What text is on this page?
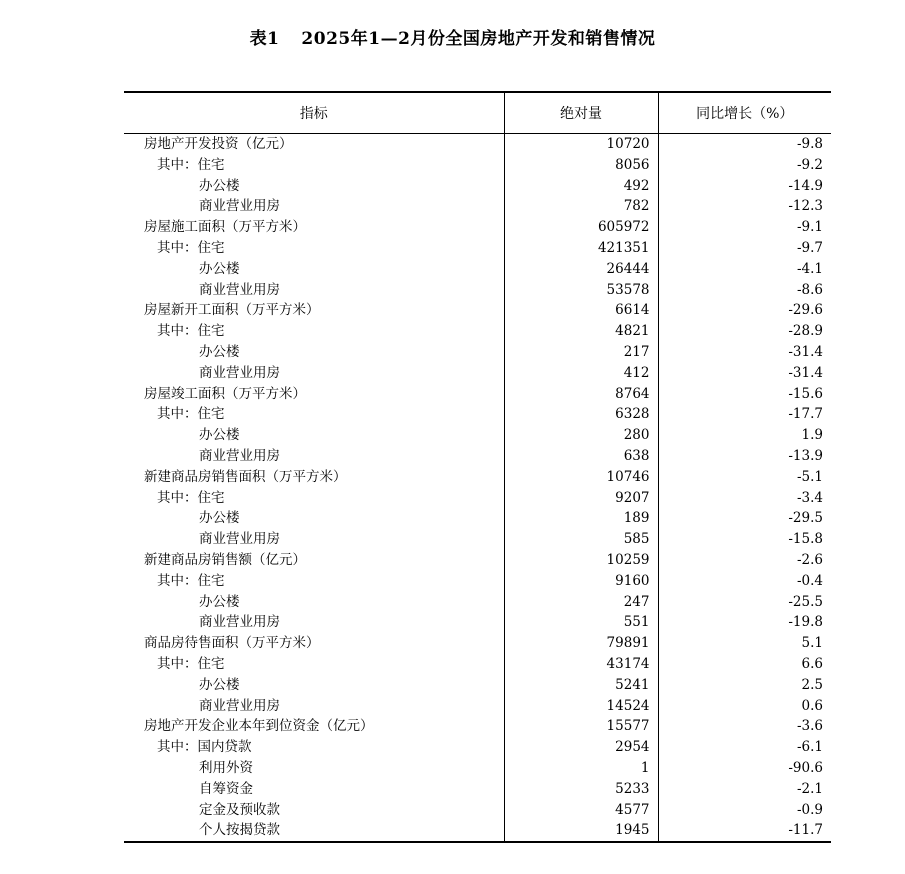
表1 2025年1—2月份全国房地产开发和销售情况
指标	绝对量	同比增长（%）
房地产开发投资（亿元）	10720	-9.8
其中：住宅	8056	-9.2
办公楼	492	-14.9
商业营业用房	782	-12.3
房屋施工面积（万平方米）	605972	-9.1
其中：住宅	421351	-9.7
办公楼	26444	-4.1
商业营业用房	53578	-8.6
房屋新开工面积（万平方米）	6614	-29.6
其中：住宅	4821	-28.9
办公楼	217	-31.4
商业营业用房	412	-31.4
房屋竣工面积（万平方米）	8764	-15.6
其中：住宅	6328	-17.7
办公楼	280	1.9
商业营业用房	638	-13.9
新建商品房销售面积（万平方米）	10746	-5.1
其中：住宅	9207	-3.4
办公楼	189	-29.5
商业营业用房	585	-15.8
新建商品房销售额（亿元）	10259	-2.6
其中：住宅	9160	-0.4
办公楼	247	-25.5
商业营业用房	551	-19.8
商品房待售面积（万平方米）	79891	5.1
其中：住宅	43174	6.6
办公楼	5241	2.5
商业营业用房	14524	0.6
房地产开发企业本年到位资金（亿元）	15577	-3.6
其中：国内贷款	2954	-6.1
利用外资	1	-90.6
自筹资金	5233	-2.1
定金及预收款	4577	-0.9
个人按揭贷款	1945	-11.7
